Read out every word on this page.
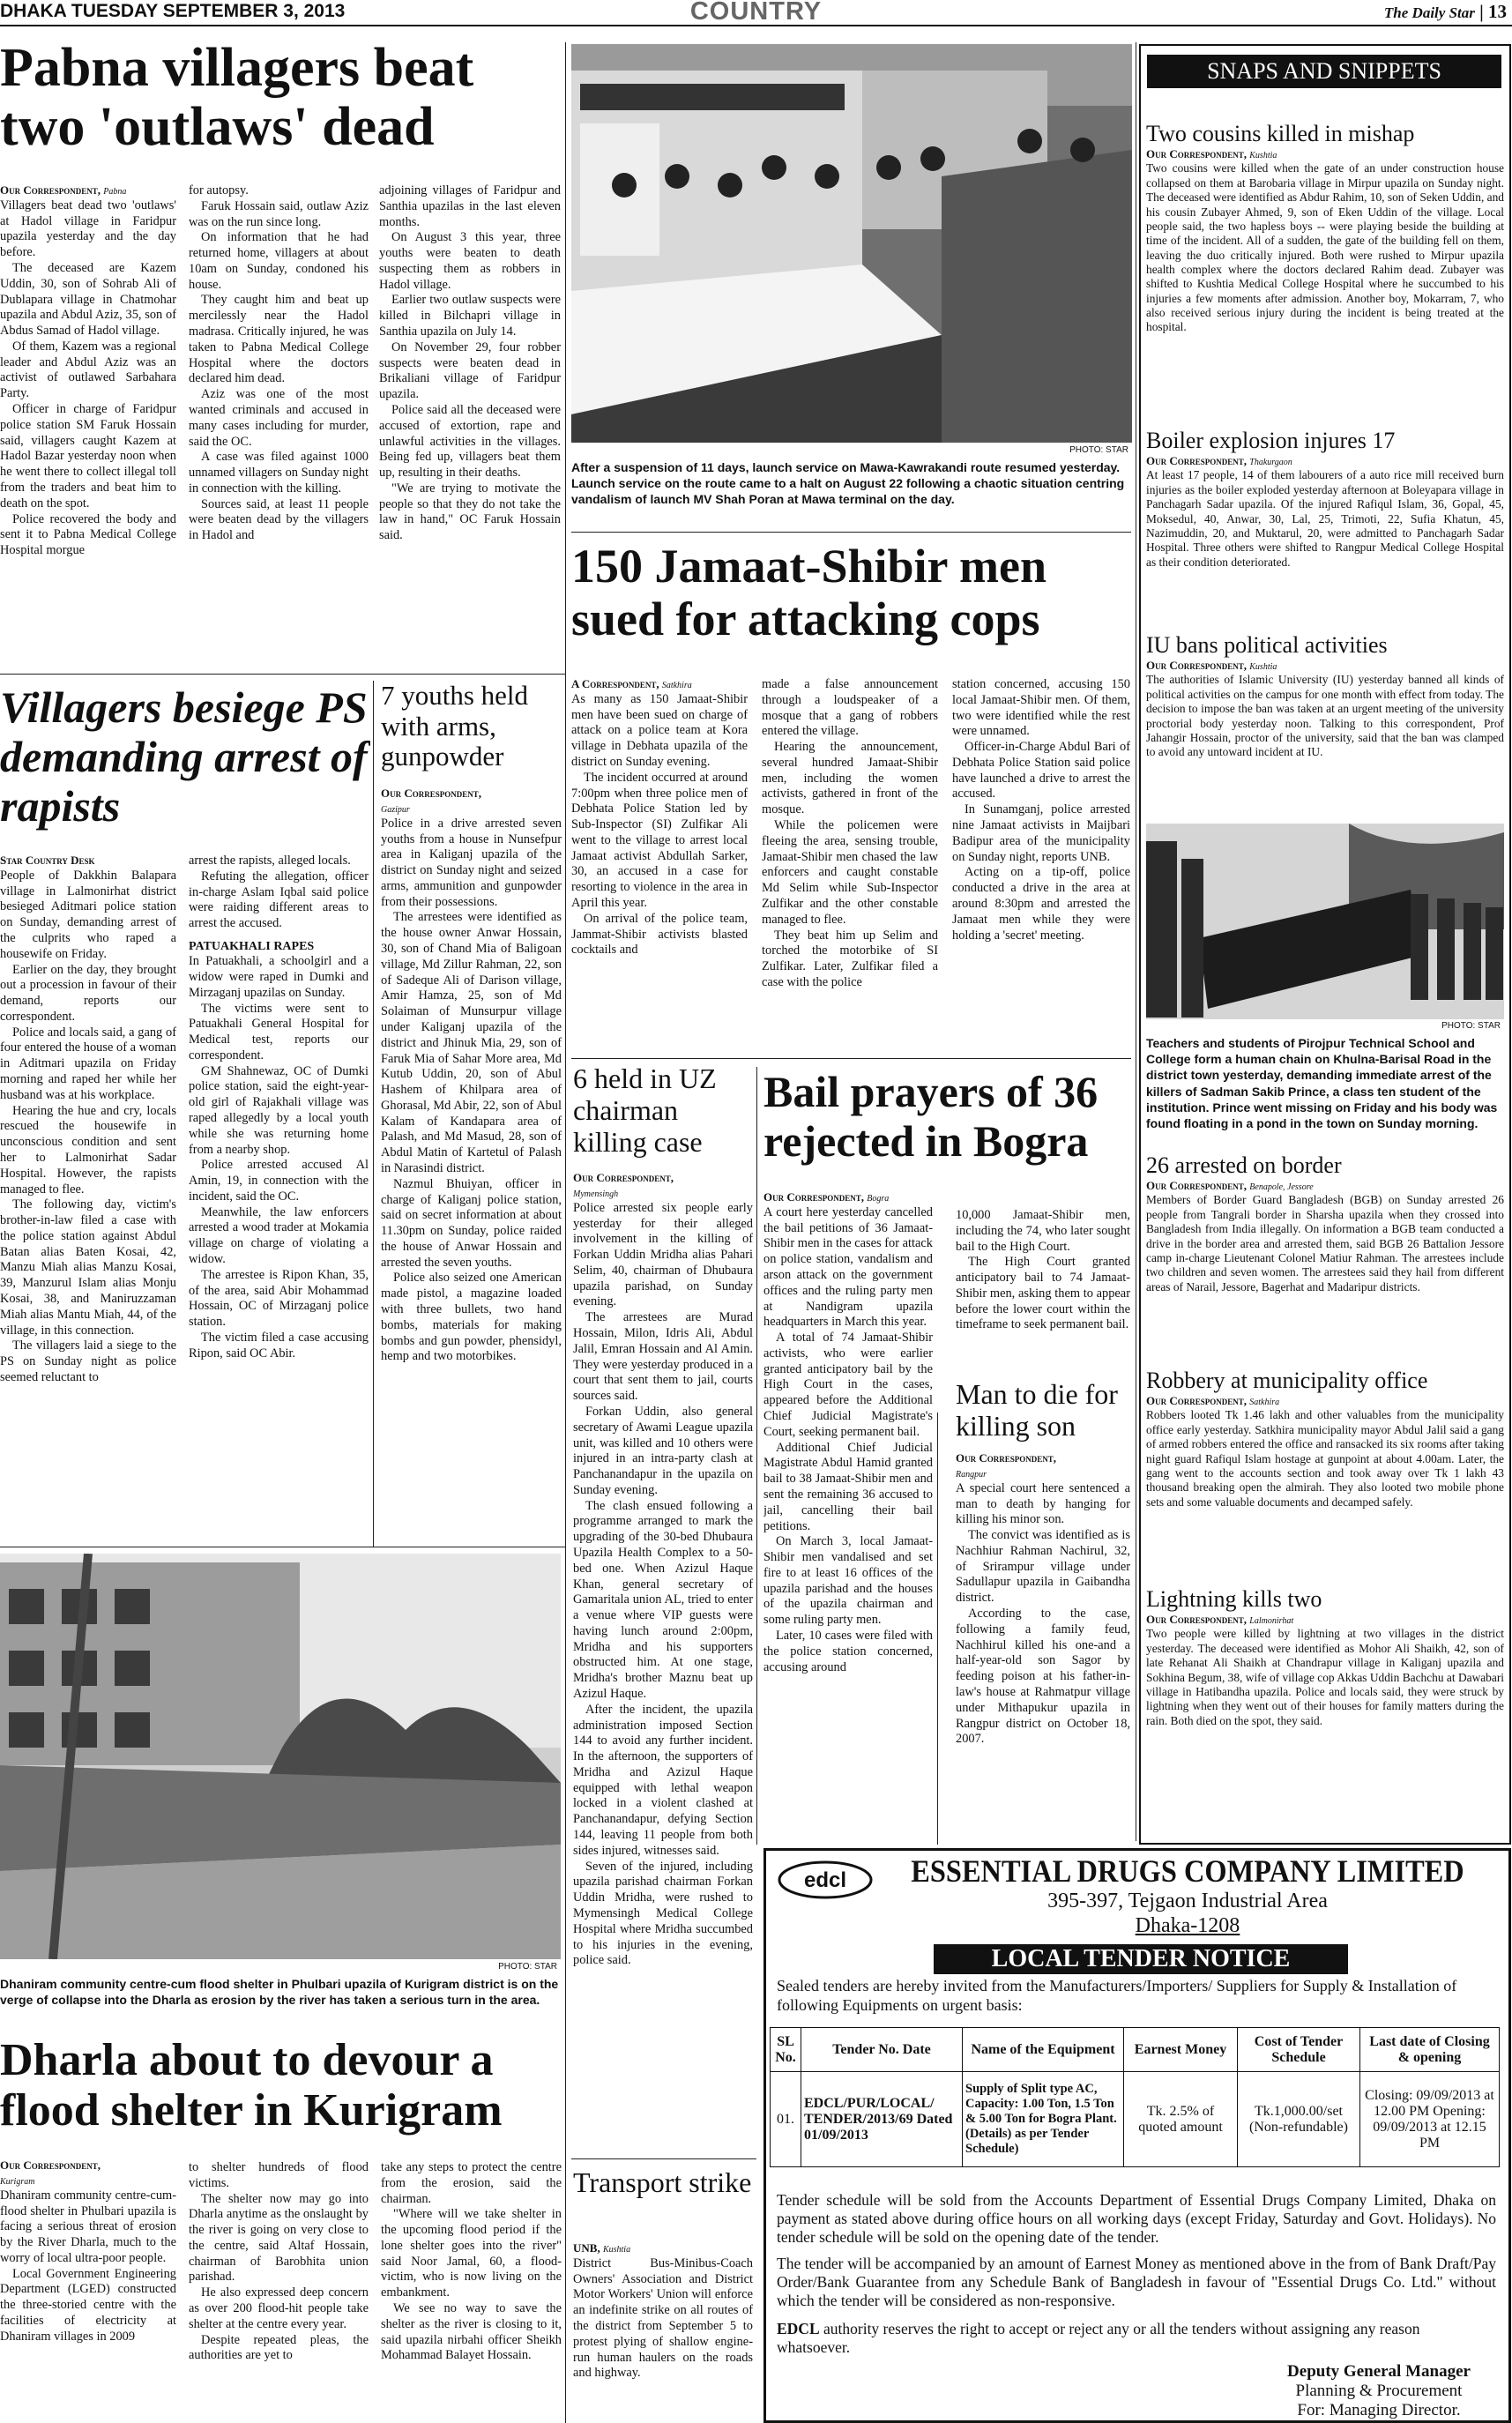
DHAKA TUESDAY SEPTEMBER 3, 2013	COUNTRY	The Daily Star | 13
Pabna villagers beat two 'outlaws' dead
Our Correspondent, Pabna

Villagers beat dead two 'outlaws' at Hadol village in Faridpur upazila yesterday and the day before.

The deceased are Kazem Uddin, 30, son of Sohrab Ali of Dublapara village in Chatmohar upazila and Abdul Aziz, 35, son of Abdus Samad of Hadol village.

Of them, Kazem was a regional leader and Abdul Aziz was an activist of outlawed Sarbahara Party.

Officer in charge of Faridpur police station SM Faruk Hossain said, villagers caught Kazem at Hadol Bazar yesterday noon when he went there to collect illegal toll from the traders and beat him to death on the spot.

Police recovered the body and sent it to Pabna Medical College Hospital morgue

for autopsy.

Faruk Hossain said, outlaw Aziz was on the run since long.

On information that he had returned home, villagers at about 10am on Sunday, condoned his house.

They caught him and beat up mercilessly near the Hadol madrasa. Critically injured, he was taken to Pabna Medical College Hospital where the doctors declared him dead.

Aziz was one of the most wanted criminals and accused in many cases including for murder, said the OC.

A case was filed against 1000 unnamed villagers on Sunday night in connection with the killing.

Sources said, at least 11 people were beaten dead by the villagers in Hadol and

adjoining villages of Faridpur and Santhia upazilas in the last eleven months.

On August 3 this year, three youths were beaten to death suspecting them as robbers in Hadol village.

Earlier two outlaw suspects were killed in Bilchapri village in Santhia upazila on July 14.

On November 29, four robber suspects were beaten dead in Brikaliani village of Faridpur upazila.

Police said all the deceased were accused of extortion, rape and unlawful activities in the villages. Being fed up, villagers beat them up, resulting in their deaths.

"We are trying to motivate the people so that they do not take the law in hand," OC Faruk Hossain said.

PHOTO: STAR
After a suspension of 11 days, launch service on Mawa-Kawrakandi route resumed yesterday. Launch service on the route came to a halt on August 22 following a chaotic situation centring vandalism of launch MV Shah Poran at Mawa terminal on the day.
150 Jamaat-Shibir men sued for attacking cops
A Correspondent, Satkhira

As many as 150 Jamaat-Shibir men have been sued on charge of attack on a police team at Kora village in Debhata upazila of the district on Sunday evening.

The incident occurred at around 7:00pm when three police men of Debhata Police Station led by Sub-Inspector (SI) Zulfikar Ali went to the village to arrest local Jamaat activist Abdullah Sarker, 30, an accused in a case for resorting to violence in the area in April this year.

On arrival of the police team, Jammat-Shibir activists blasted cocktails and

made a false announcement through a loudspeaker of a mosque that a gang of robbers entered the village.

Hearing the announcement, several hundred Jamaat-Shibir men, including the women activists, gathered in front of the mosque.

While the policemen were fleeing the area, sensing trouble, Jamaat-Shibir men chased the law enforcers and caught constable Md Selim while Sub-Inspector Zulfikar and the other constable managed to flee.

They beat him up Selim and torched the motorbike of SI Zulfikar. Later, Zulfikar filed a case with the police

station concerned, accusing 150 local Jamaat-Shibir men. Of them, two were identified while the rest were unnamed.

Officer-in-Charge Abdul Bari of Debhata Police Station said police have launched a drive to arrest the accused.

In Sunamganj, police arrested nine Jamaat activists in Maijbari Badipur area of the municipality on Sunday night, reports UNB.

Acting on a tip-off, police conducted a drive in the area at around 8:30pm and arrested the Jamaat men while they were holding a 'secret' meeting.

Villagers besiege PS demanding arrest of rapists
Star Country Desk

People of Dakkhin Balapara village in Lalmonirhat district besieged Aditmari police station on Sunday, demanding arrest of the culprits who raped a housewife on Friday.

Earlier on the day, they brought out a procession in favour of their demand, reports our correspondent.

Police and locals said, a gang of four entered the house of a woman in Aditmari upazila on Friday morning and raped her while her husband was at his workplace.

Hearing the hue and cry, locals rescued the housewife in unconscious condition and sent her to Lalmonirhat Sadar Hospital. However, the rapists managed to flee.

The following day, victim's brother-in-law filed a case with the police station against Abdul Batan alias Baten Kosai, 42, Manzu Miah alias Manzu Kosai, 39, Manzurul Islam alias Monju Kosai, 38, and Maniruzzaman Miah alias Mantu Miah, 44, of the village, in this connection.

The villagers laid a siege to the PS on Sunday night as police seemed reluctant to

arrest the rapists, alleged locals.

Refuting the allegation, officer in-charge Aslam Iqbal said police were raiding different areas to arrest the accused.

PATUAKHALI RAPES

In Patuakhali, a schoolgirl and a widow were raped in Dumki and Mirzaganj upazilas on Sunday.

The victims were sent to Patuakhali General Hospital for Medical test, reports our correspondent.

GM Shahnewaz, OC of Dumki police station, said the eight-year-old girl of Rajakhali village was raped allegedly by a local youth while she was returning home from a nearby shop.

Police arrested accused Al Amin, 19, in connection with the incident, said the OC.

Meanwhile, the law enforcers arrested a wood trader at Mokamia village on charge of violating a widow.

The arrestee is Ripon Khan, 35, of the area, said Abir Mohammad Hossain, OC of Mirzaganj police station.

The victim filed a case accusing Ripon, said OC Abir.

7 youths held with arms, gunpowder
Our Correspondent,
Gazipur

Police in a drive arrested seven youths from a house in Nunsefpur area in Kaliganj upazila of the district on Sunday night and seized arms, ammunition and gunpowder from their possessions.

The arrestees were identified as the house owner Anwar Hossain, 30, son of Chand Mia of Baligoan village, Md Zillur Rahman, 22, son of Sadeque Ali of Darison village, Amir Hamza, 25, son of Md Solaiman of Munsurpur village under Kaliganj upazila of the district and Jhinuk Mia, 29, son of Faruk Mia of Sahar More area, Md Kutub Uddin, 20, son of Abul Hashem of Khilpara area of Ghorasal, Md Abir, 22, son of Abul Kalam of Kandapara area of Palash, and Md Masud, 28, son of Abdul Matin of Kartetul of Palash in Narasindi district.

Nazmul Bhuiyan, officer in charge of Kaliganj police station, said on secret information at about 11.30pm on Sunday, police raided the house of Anwar Hossain and arrested the seven youths.

Police also seized one American made pistol, a magazine loaded with three bullets, two hand bombs, materials for making bombs and gun powder, phensidyl, hemp and two motorbikes.

PHOTO: STAR
Dhaniram community centre-cum flood shelter in Phulbari upazila of Kurigram district is on the verge of collapse into the Dharla as erosion by the river has taken a serious turn in the area.
Dharla about to devour a flood shelter in Kurigram
Our Correspondent,
Kurigram

Dhaniram community centre-cum-flood shelter in Phulbari upazila is facing a serious threat of erosion by the River Dharla, much to the worry of local ultra-poor people.

Local Government Engineering Department (LGED) constructed the three-storied centre with the facilities of electricity at Dhaniram villages in 2009

to shelter hundreds of flood victims.

The shelter now may go into Dharla anytime as the onslaught by the river is going on very close to the centre, said Altaf Hossain, chairman of Barobhita union parishad.

He also expressed deep concern as over 200 flood-hit people take shelter at the centre every year.

Despite repeated pleas, the authorities are yet to

take any steps to protect the centre from the erosion, said the chairman.

"Where will we take shelter in the upcoming flood period if the lone shelter goes into the river" said Noor Jamal, 60, a flood-victim, who is now living on the embankment.

We see no way to save the shelter as the river is closing to it, said upazila nirbahi officer Sheikh Mohammad Balayet Hossain.

6 held in UZ chairman killing case
Our Correspondent,
Mymensingh

Police arrested six people early yesterday for their alleged involvement in the killing of Forkan Uddin Mridha alias Pahari Selim, 40, chairman of Dhubaura upazila parishad, on Sunday evening.

The arrestees are Murad Hossain, Milon, Idris Ali, Abdul Jalil, Emran Hossain and Al Amin. They were yesterday produced in a court that sent them to jail, courts sources said.

Forkan Uddin, also general secretary of Awami League upazila unit, was killed and 10 others were injured in an intra-party clash at Panchanandapur in the upazila on Sunday evening.

The clash ensued following a programme arranged to mark the upgrading of the 30-bed Dhubaura Upazila Health Complex to a 50-bed one. When Azizul Haque Khan, general secretary of Gamaritala union AL, tried to enter a venue where VIP guests were having lunch around 2:00pm, Mridha and his supporters obstructed him. At one stage, Mridha's brother Maznu beat up Azizul Haque.

After the incident, the upazila administration imposed Section 144 to avoid any further incident. In the afternoon, the supporters of Mridha and Azizul Haque equipped with lethal weapon locked in a violent clashed at Panchanandapur, defying Section 144, leaving 11 people from both sides injured, witnesses said.

Seven of the injured, including upazila parishad chairman Forkan Uddin Mridha, were rushed to Mymensingh Medical College Hospital where Mridha succumbed to his injuries in the evening, police said.

Transport strike
UNB, Kushtia

District Bus-Minibus-Coach Owners' Association and District Motor Workers' Union will enforce an indefinite strike on all routes of the district from September 5 to protest plying of shallow engine-run human haulers on the roads and highway.

Bail prayers of 36 rejected in Bogra
Our Correspondent, Bogra

A court here yesterday cancelled the bail petitions of 36 Jamaat-Shibir men in the cases for attack on police station, vandalism and arson attack on the government offices and the ruling party men at Nandigram upazila headquarters in March this year.

A total of 74 Jamaat-Shibir activists, who were earlier granted anticipatory bail by the High Court in the cases, appeared before the Additional Chief Judicial Magistrate's Court, seeking permanent bail.

Additional Chief Judicial Magistrate Abdul Hamid granted bail to 38 Jamaat-Shibir men and sent the remaining 36 accused to jail, cancelling their bail petitions.

On March 3, local Jamaat-Shibir men vandalised and set fire to at least 16 offices of the upazila parishad and the houses of the upazila chairman and some ruling party men.

Later, 10 cases were filed with the police station concerned, accusing around

10,000 Jamaat-Shibir men, including the 74, who later sought bail to the High Court.

The High Court granted anticipatory bail to 74 Jamaat-Shibir men, asking them to appear before the lower court within the timeframe to seek permanent bail.

Man to die for killing son
Our Correspondent,
Rangpur

A special court here sentenced a man to death by hanging for killing his minor son.

The convict was identified as is Nachhiur Rahman Nachirul, 32, of Srirampur village under Sadullapur upazila in Gaibandha district.

According to the case, following a family feud, Nachhirul killed his one-and a half-year-old son Sagor by feeding poison at his father-in-law's house at Rahmatpur village under Mithapukur upazila in Rangpur district on October 18, 2007.

SNAPS AND SNIPPETS
Two cousins killed in mishap
Our Correspondent, Kushtia
Two cousins were killed when the gate of an under construction house collapsed on them at Barobaria village in Mirpur upazila on Sunday night. The deceased were identified as Abdur Rahim, 10, son of Seken Uddin, and his cousin Zubayer Ahmed, 9, son of Eken Uddin of the village. Local people said, the two hapless boys -- were playing beside the building at time of the incident. All of a sudden, the gate of the building fell on them, leaving the duo critically injured. Both were rushed to Mirpur upazila health complex where the doctors declared Rahim dead. Zubayer was shifted to Kushtia Medical College Hospital where he succumbed to his injuries a few moments after admission. Another boy, Mokarram, 7, who also received serious injury during the incident is being treated at the hospital.
Boiler explosion injures 17
Our Correspondent, Thakurgaon
At least 17 people, 14 of them labourers of a auto rice mill received burn injuries as the boiler exploded yesterday afternoon at Boleyapara village in Panchagarh Sadar upazila. Of the injured Rafiqul Islam, 36, Gopal, 45, Moksedul, 40, Anwar, 30, Lal, 25, Trimoti, 22, Sufia Khatun, 45, Nazimuddin, 20, and Muktarul, 20, were admitted to Panchagarh Sadar Hospital. Three others were shifted to Rangpur Medical College Hospital as their condition deteriorated.
IU bans political activities
Our Correspondent, Kushtia
The authorities of Islamic University (IU) yesterday banned all kinds of political activities on the campus for one month with effect from today. The decision to impose the ban was taken at an urgent meeting of the university proctorial body yesterday noon. Talking to this correspondent, Prof Jahangir Hossain, proctor of the university, said that the ban was clamped to avoid any untoward incident at IU.
PHOTO: STAR
Teachers and students of Pirojpur Technical School and College form a human chain on Khulna-Barisal Road in the district town yesterday, demanding immediate arrest of the killers of Sadman Sakib Prince, a class ten student of the institution. Prince went missing on Friday and his body was found floating in a pond in the town on Sunday morning.
26 arrested on border
Our Correspondent, Benapole, Jessore
Members of Border Guard Bangladesh (BGB) on Sunday arrested 26 people from Tangrali border in Sharsha upazila when they crossed into Bangladesh from India illegally. On information a BGB team conducted a drive in the border area and arrested them, said BGB 26 Battalion Jessore camp in-charge Lieutenant Colonel Matiur Rahman. The arrestees include two children and seven women. The arrestees said they hail from different areas of Narail, Jessore, Bagerhat and Madaripur districts.
Robbery at municipality office
Our Correspondent, Satkhira
Robbers looted Tk 1.46 lakh and other valuables from the municipality office early yesterday. Satkhira municipality mayor Abdul Jalil said a gang of armed robbers entered the office and ransacked its six rooms after taking night guard Rafiqul Islam hostage at gunpoint at about 4.00am. Later, the gang went to the accounts section and took away over Tk 1 lakh 43 thousand breaking open the almirah. They also looted two mobile phone sets and some valuable documents and decamped safely.
Lightning kills two
Our Correspondent, Lalmonirhat
Two people were killed by lightning at two villages in the district yesterday. The deceased were identified as Mohor Ali Shaikh, 42, son of late Rehanat Ali Shaikh at Chandrapur village in Kaliganj upazila and Sokhina Begum, 38, wife of village cop Akkas Uddin Bachchu at Dawabari village in Hatibandha upazila. Police and locals said, they were struck by lightning when they went out of their houses for family matters during the rain. Both died on the spot, they said.
edcl ESSENTIAL DRUGS COMPANY LIMITED
395-397, Tejgaon Industrial Area
Dhaka-1208
LOCAL TENDER NOTICE
Sealed tenders are hereby invited from the Manufacturers/Importers/ Suppliers for Supply & Installation of following Equipments on urgent basis:
SL No.	Tender No. Date	Name of the Equipment	Earnest Money	Cost of Tender Schedule	Last date of Closing & opening
01.	EDCL/PUR/LOCAL/ TENDER/2013/69 Dated 01/09/2013	Supply of Split type AC, Capacity: 1.00 Ton, 1.5 Ton & 5.00 Ton for Bogra Plant. (Details) as per Tender Schedule)	Tk. 2.5% of quoted amount	Tk.1,000.00/set (Non-refundable)	Closing: 09/09/2013 at 12.00 PM Opening: 09/09/2013 at 12.15 PM
Tender schedule will be sold from the Accounts Department of Essential Drugs Company Limited, Dhaka on payment as stated above during office hours on all working days (except Friday, Saturday and Govt. Holidays). No tender schedule will be sold on the opening date of the tender.
The tender will be accompanied by an amount of Earnest Money as mentioned above in the from of Bank Draft/Pay Order/Bank Guarantee from any Schedule Bank of Bangladesh in favour of "Essential Drugs Co. Ltd." without which the tender will be considered as non-responsive.
EDCL authority reserves the right to accept or reject any or all the tenders without assigning any reason whatsoever.
Deputy General Manager
Planning & Procurement
For: Managing Director.
